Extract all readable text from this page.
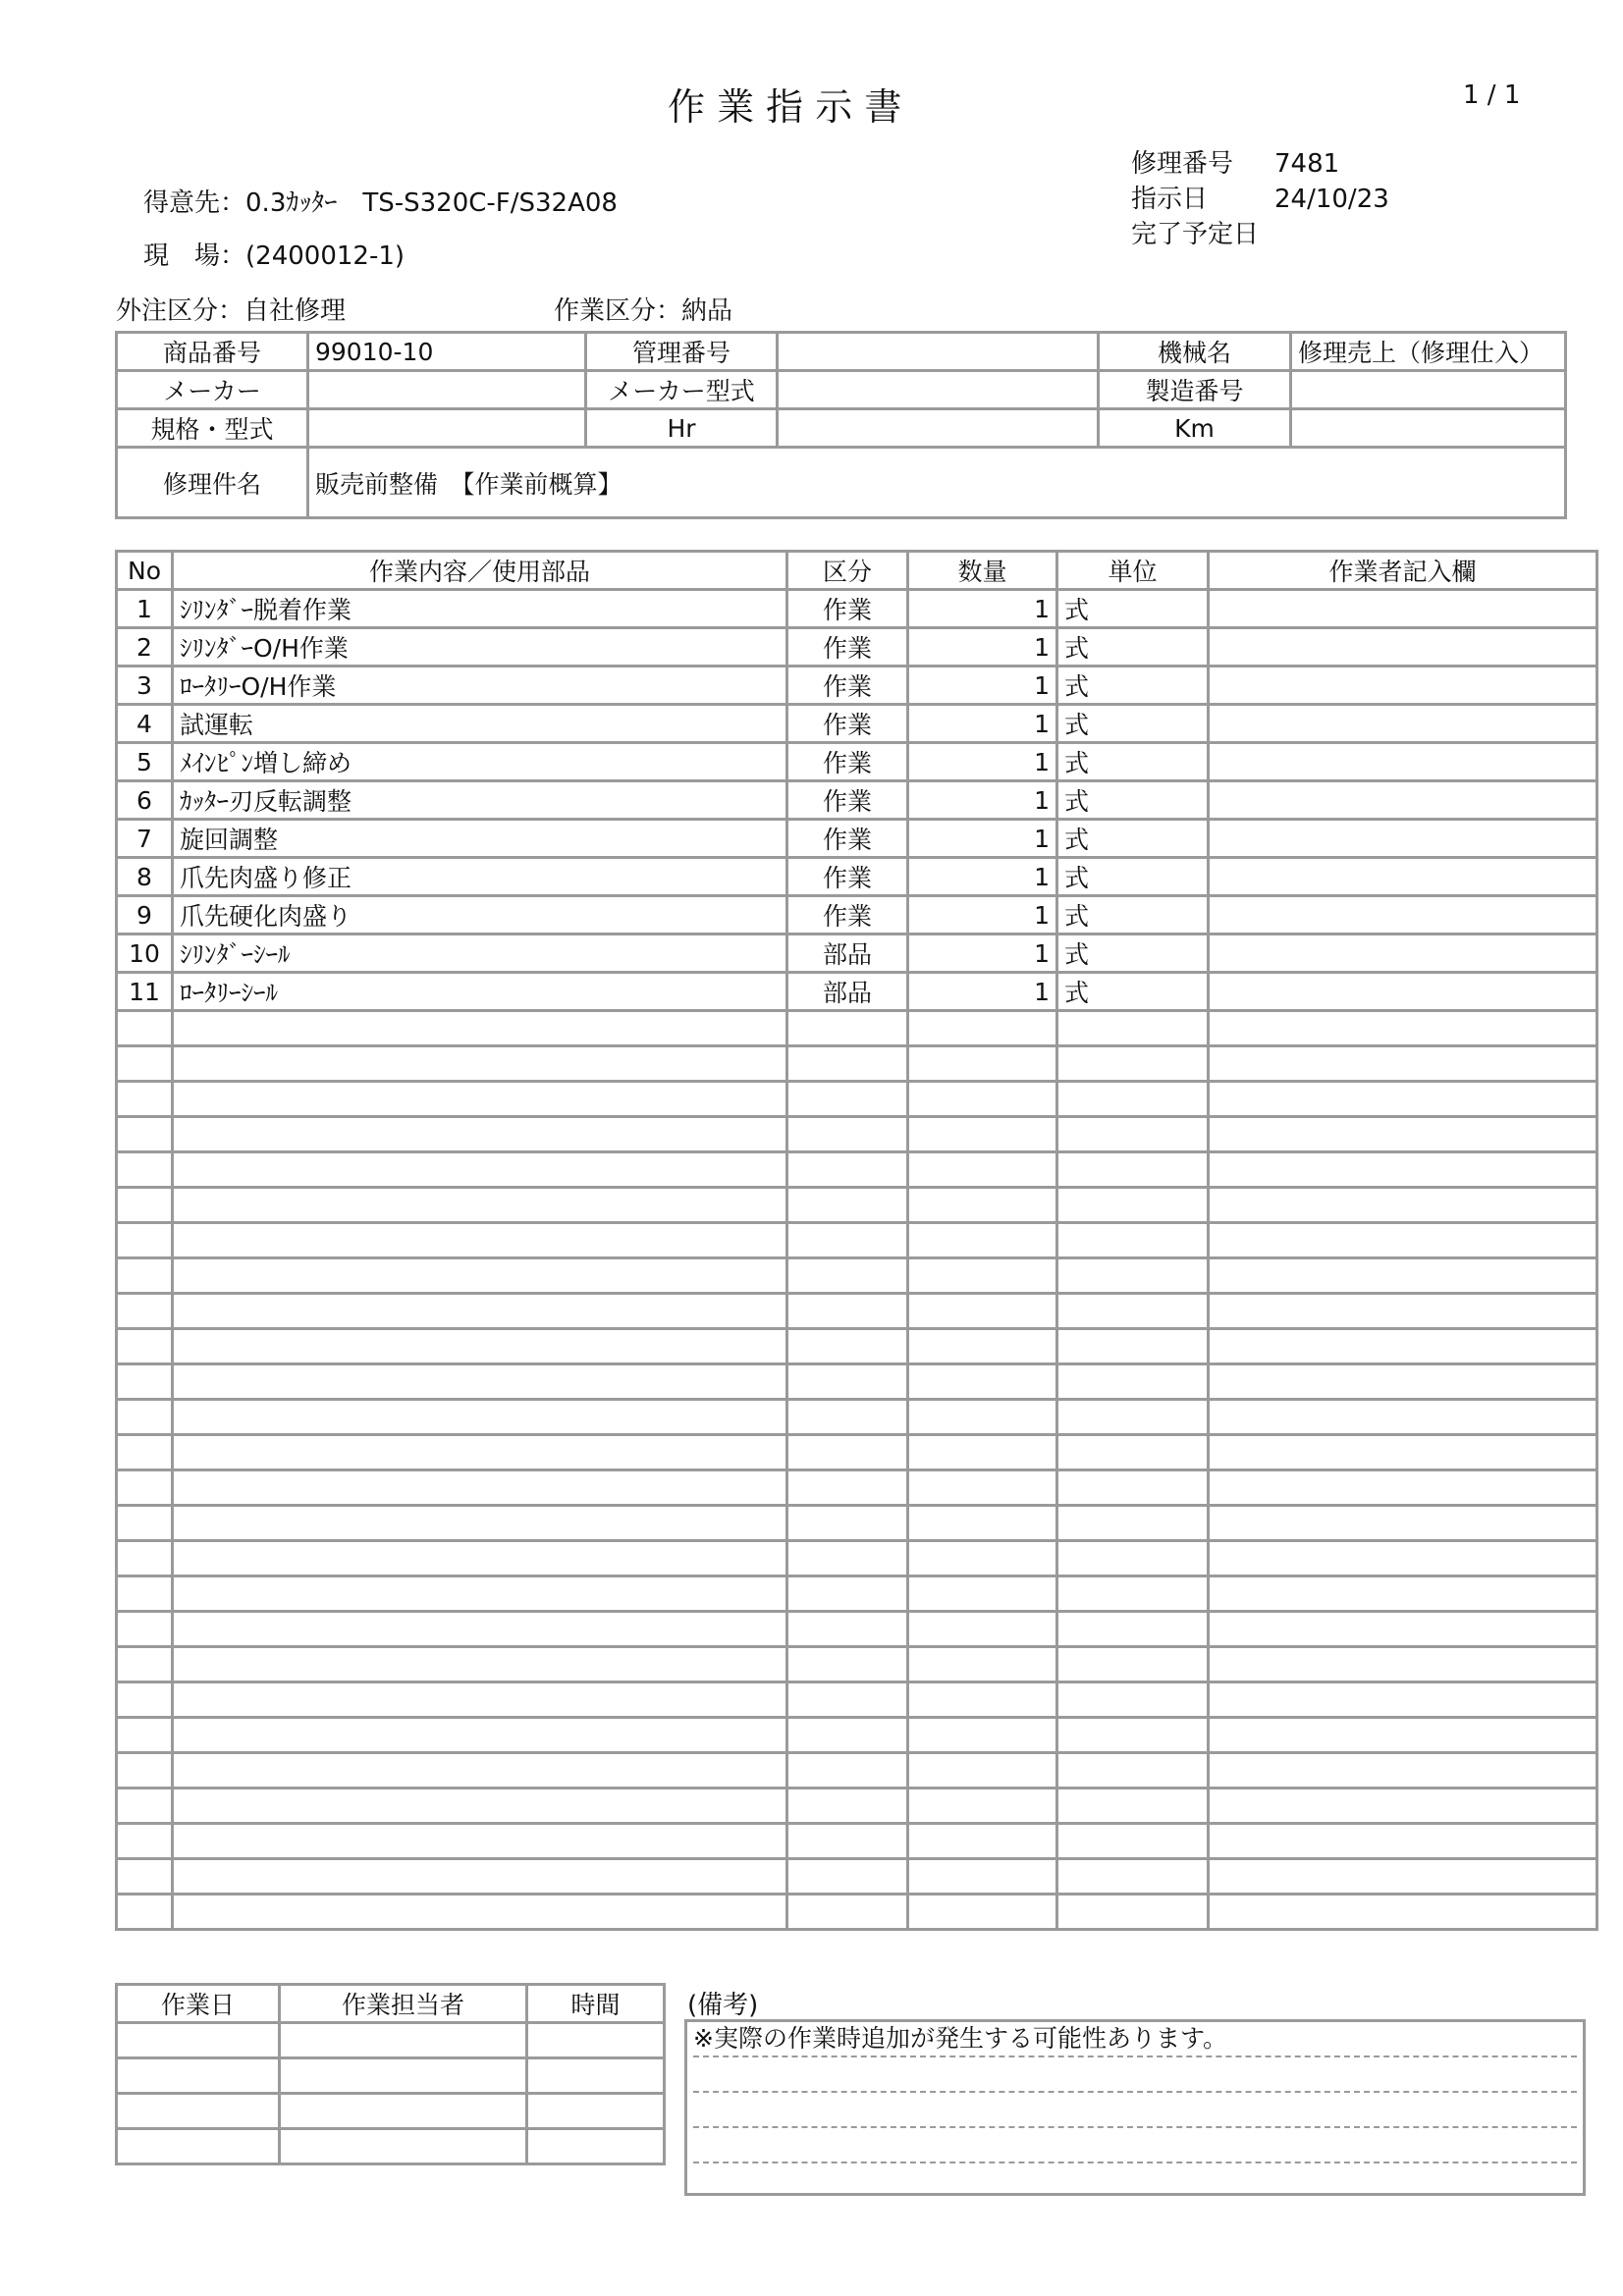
作 業 指 示 書	1 / 1
修理番号 7481
指示日	24/10/23
完了予定日
得意先：0.3ｶｯﾀｰ　TS-S320C-F/S32A08
現　場：(2400012-1)
外注区分：自社修理	作業区分：納品
商品番号	99010-10	管理番号		機械名	修理売上（修理仕入）
メーカー		メーカー型式		製造番号	
規格・型式		Hr		Km	
修理件名	販売前整備　【作業前概算】				
No	作業内容／使用部品	区分	数量	単位	作業者記入欄
1	ｼﾘﾝﾀﾞｰ脱着作業	作業	1	式	
2	ｼﾘﾝﾀﾞｰO/H作業	作業	1	式	
3	ﾛｰﾀﾘｰO/H作業	作業	1	式	
4	試運転	作業	1	式	
5	ﾒｲﾝﾋﾟﾝ増し締め	作業	1	式	
6	ｶｯﾀｰ刃反転調整	作業	1	式	
7	旋回調整	作業	1	式	
8	爪先肉盛り修正	作業	1	式	
9	爪先硬化肉盛り	作業	1	式	
10	ｼﾘﾝﾀﾞｰｼｰﾙ	部品	1	式	
11	ﾛｰﾀﾘｰｼｰﾙ	部品	1	式	

作業日	作業担当者	時間

			(備考)
※実際の作業時追加が発生する可能性あります。
